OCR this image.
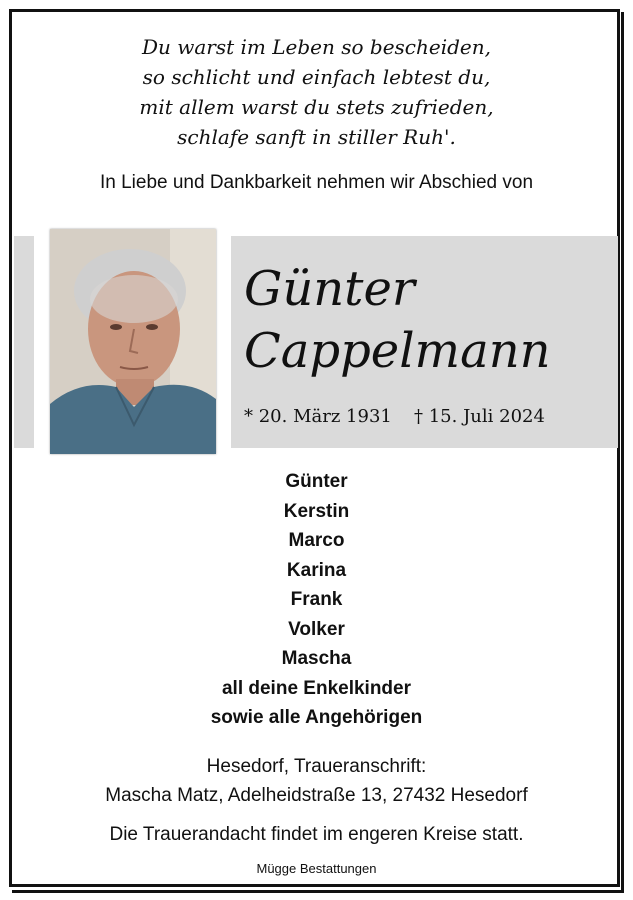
Du warst im Leben so bescheiden,
so schlicht und einfach lebtest du,
mit allem warst du stets zufrieden,
schlafe sanft in stiller Ruh'.
In Liebe und Dankbarkeit nehmen wir Abschied von
Günter
Cappelmann
* 20. März 1931 † 15. Juli 2024
Günter
Kerstin
Marco
Karina
Frank
Volker
Mascha
all deine Enkelkinder
sowie alle Angehörigen
Hesedorf, Traueranschrift:
Mascha Matz, Adelheidstraße 13, 27432 Hesedorf
Die Trauerandacht findet im engeren Kreise statt.
Mügge Bestattungen
